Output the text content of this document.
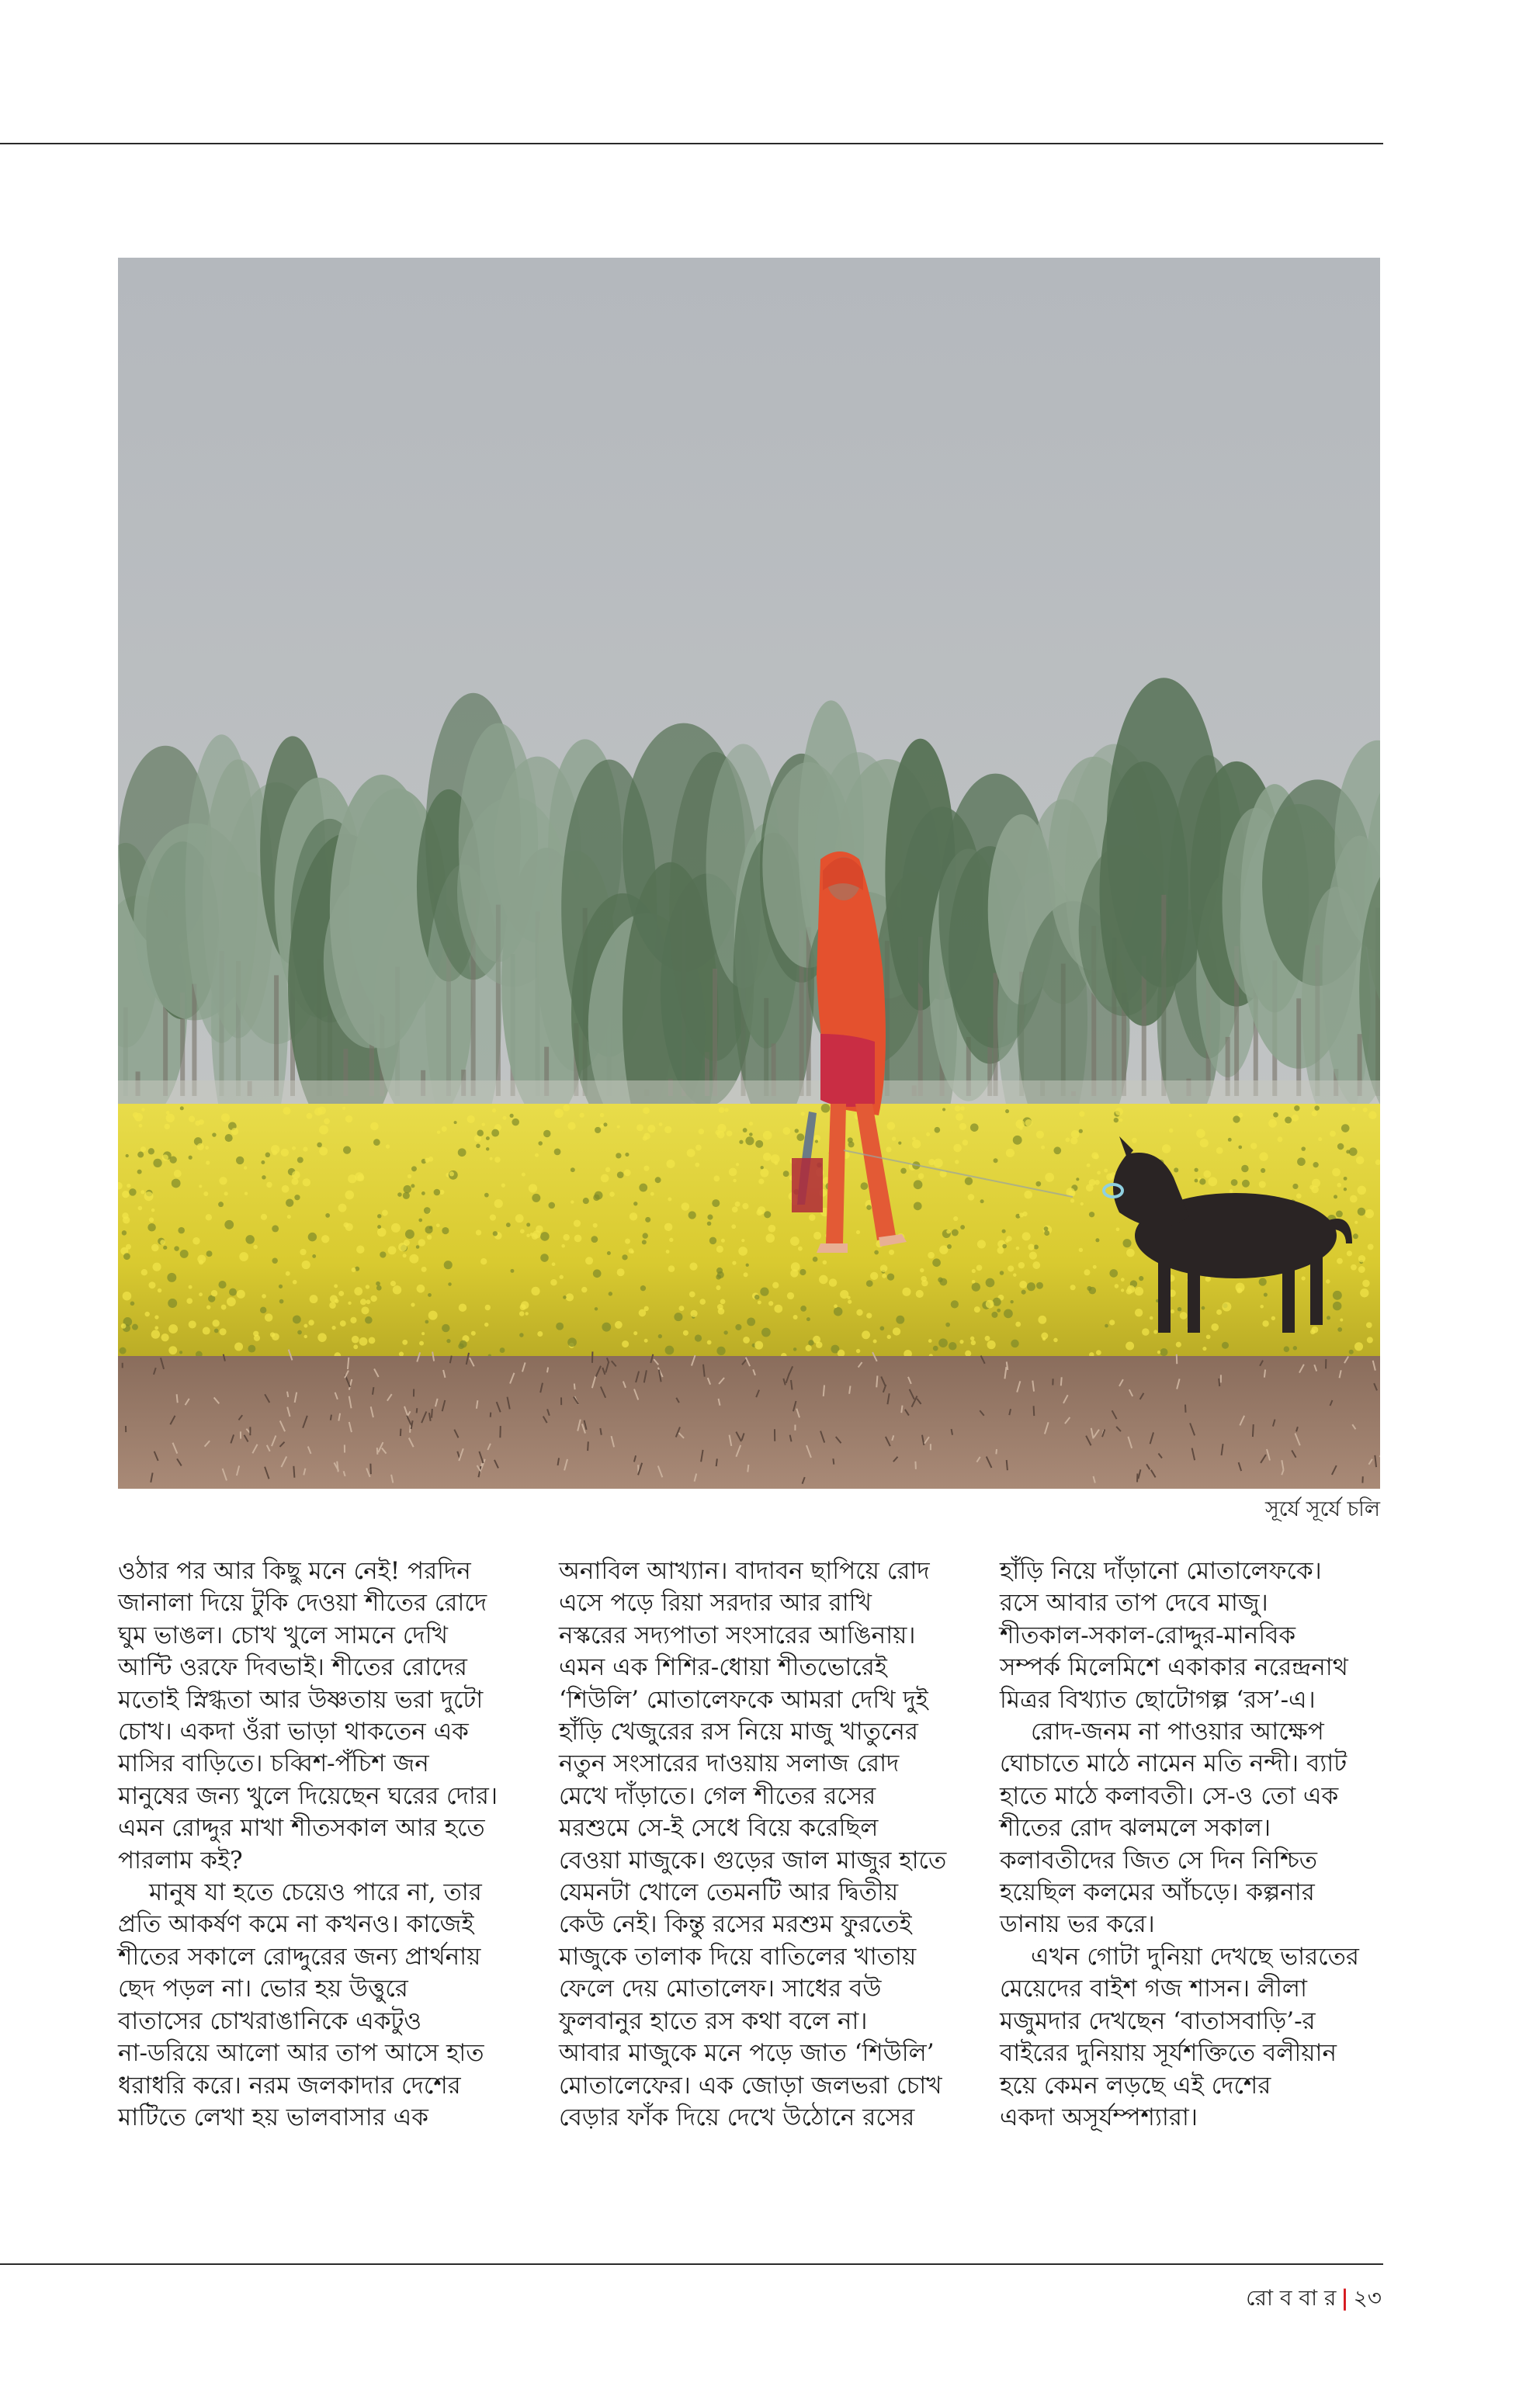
সূর্যে সূর্যে চলি
ওঠার পর আর কিছু মনে নেই! পরদিন
জানালা দিয়ে টুকি দেওয়া শীতের রোদে
ঘুম ভাঙল। চোখ খুলে সামনে দেখি
আন্টি ওরফে দিবভাই। শীতের রোদের
মতোই স্নিগ্ধতা আর উষ্ণতায় ভরা দুটো
চোখ। একদা ওঁরা ভাড়া থাকতেন এক
মাসির বাড়িতে। চব্বিশ-পঁচিশ জন
মানুষের জন্য খুলে দিয়েছেন ঘরের দোর।
এমন রোদ্দুর মাখা শীতসকাল আর হতে
পারলাম কই?
মানুষ যা হতে চেয়েও পারে না, তার
প্রতি আকর্ষণ কমে না কখনও। কাজেই
শীতের সকালে রোদ্দুরের জন্য প্রার্থনায়
ছেদ পড়ল না। ভোর হয় উত্তুরে
বাতাসের চোখরাঙানিকে একটুও
না-ডরিয়ে আলো আর তাপ আসে হাত
ধরাধরি করে। নরম জলকাদার দেশের
মাটিতে লেখা হয় ভালবাসার এক
অনাবিল আখ্যান। বাদাবন ছাপিয়ে রোদ
এসে পড়ে রিয়া সরদার আর রাখি
নস্করের সদ্যপাতা সংসারের আঙিনায়।
এমন এক শিশির-ধোয়া শীতভোরেই
‘শিউলি’ মোতালেফকে আমরা দেখি দুই
হাঁড়ি খেজুরের রস নিয়ে মাজু খাতুনের
নতুন সংসারের দাওয়ায় সলাজ রোদ
মেখে দাঁড়াতে। গেল শীতের রসের
মরশুমে সে-ই সেধে বিয়ে করেছিল
বেওয়া মাজুকে। গুড়ের জাল মাজুর হাতে
যেমনটা খোলে তেমনটি আর দ্বিতীয়
কেউ নেই। কিন্তু রসের মরশুম ফুরতেই
মাজুকে তালাক দিয়ে বাতিলের খাতায়
ফেলে দেয় মোতালেফ। সাধের বউ
ফুলবানুর হাতে রস কথা বলে না।
আবার মাজুকে মনে পড়ে জাত ‘শিউলি’
মোতালেফের। এক জোড়া জলভরা চোখ
বেড়ার ফাঁক দিয়ে দেখে উঠোনে রসের
হাঁড়ি নিয়ে দাঁড়ানো মোতালেফকে।
রসে আবার তাপ দেবে মাজু।
শীতকাল-সকাল-রোদ্দুর-মানবিক
সম্পর্ক মিলেমিশে একাকার নরেন্দ্রনাথ
মিত্রর বিখ্যাত ছোটোগল্প ‘রস’-এ।
রোদ-জনম না পাওয়ার আক্ষেপ
ঘোচাতে মাঠে নামেন মতি নন্দী। ব্যাট
হাতে মাঠে কলাবতী। সে-ও তো এক
শীতের রোদ ঝলমলে সকাল।
কলাবতীদের জিত সে দিন নিশ্চিত
হয়েছিল কলমের আঁচড়ে। কল্পনার
ডানায় ভর করে।
এখন গোটা দুনিয়া দেখছে ভারতের
মেয়েদের বাইশ গজ শাসন। লীলা
মজুমদার দেখছেন ‘বাতাসবাড়ি’-র
বাইরের দুনিয়ায় সূর্যশক্তিতে বলীয়ান
হয়ে কেমন লড়ছে এই দেশের
একদা অসূর্যম্পশ্যারা।
রো ব বা র | ২৩
